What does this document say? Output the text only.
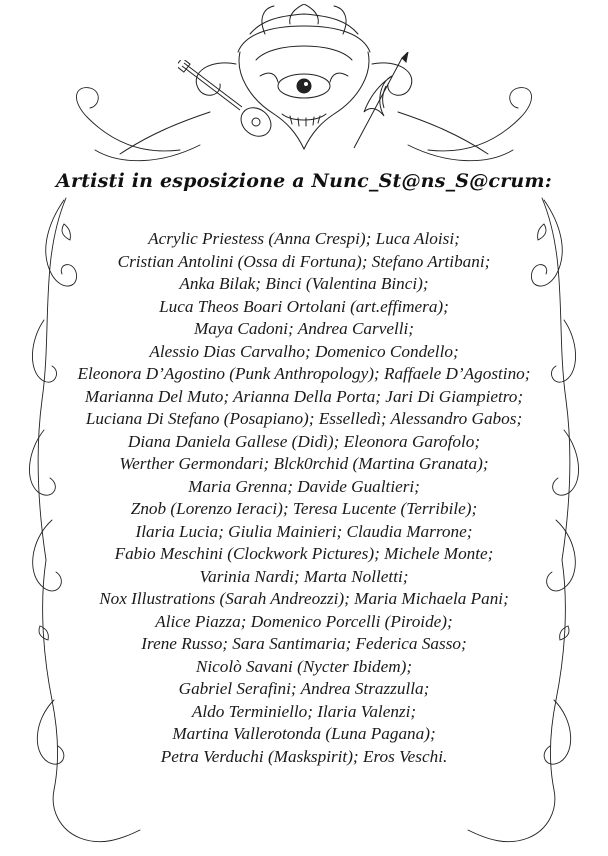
Artisti in esposizione a Nunc_St@ns_S@crum:
Acrylic Priestess (Anna Crespi); Luca Aloisi;
Cristian Antolini (Ossa di Fortuna); Stefano Artibani;
Anka Bilak; Binci (Valentina Binci);
Luca Theos Boari Ortolani (art.effimera);
Maya Cadoni; Andrea Carvelli;
Alessio Dias Carvalho; Domenico Condello;
Eleonora D’Agostino (Punk Anthropology); Raffaele D’Agostino;
Marianna Del Muto; Arianna Della Porta; Jari Di Giampietro;
Luciana Di Stefano (Posapiano); Esselledì; Alessandro Gabos;
Diana Daniela Gallese (Didì); Eleonora Garofolo;
Werther Germondari; Blck0rchid (Martina Granata);
Maria Grenna; Davide Gualtieri;
Znob (Lorenzo Ieraci); Teresa Lucente (Terribile);
Ilaria Lucia; Giulia Mainieri; Claudia Marrone;
Fabio Meschini (Clockwork Pictures); Michele Monte;
Varinia Nardi; Marta Nolletti;
Nox Illustrations (Sarah Andreozzi); Maria Michaela Pani;
Alice Piazza; Domenico Porcelli (Piroide);
Irene Russo; Sara Santimaria; Federica Sasso;
Nicolò Savani (Nycter Ibidem);
Gabriel Serafini; Andrea Strazzulla;
Aldo Terminiello; Ilaria Valenzi;
Martina Vallerotonda (Luna Pagana);
Petra Verduchi (Maskspirit); Eros Veschi.
